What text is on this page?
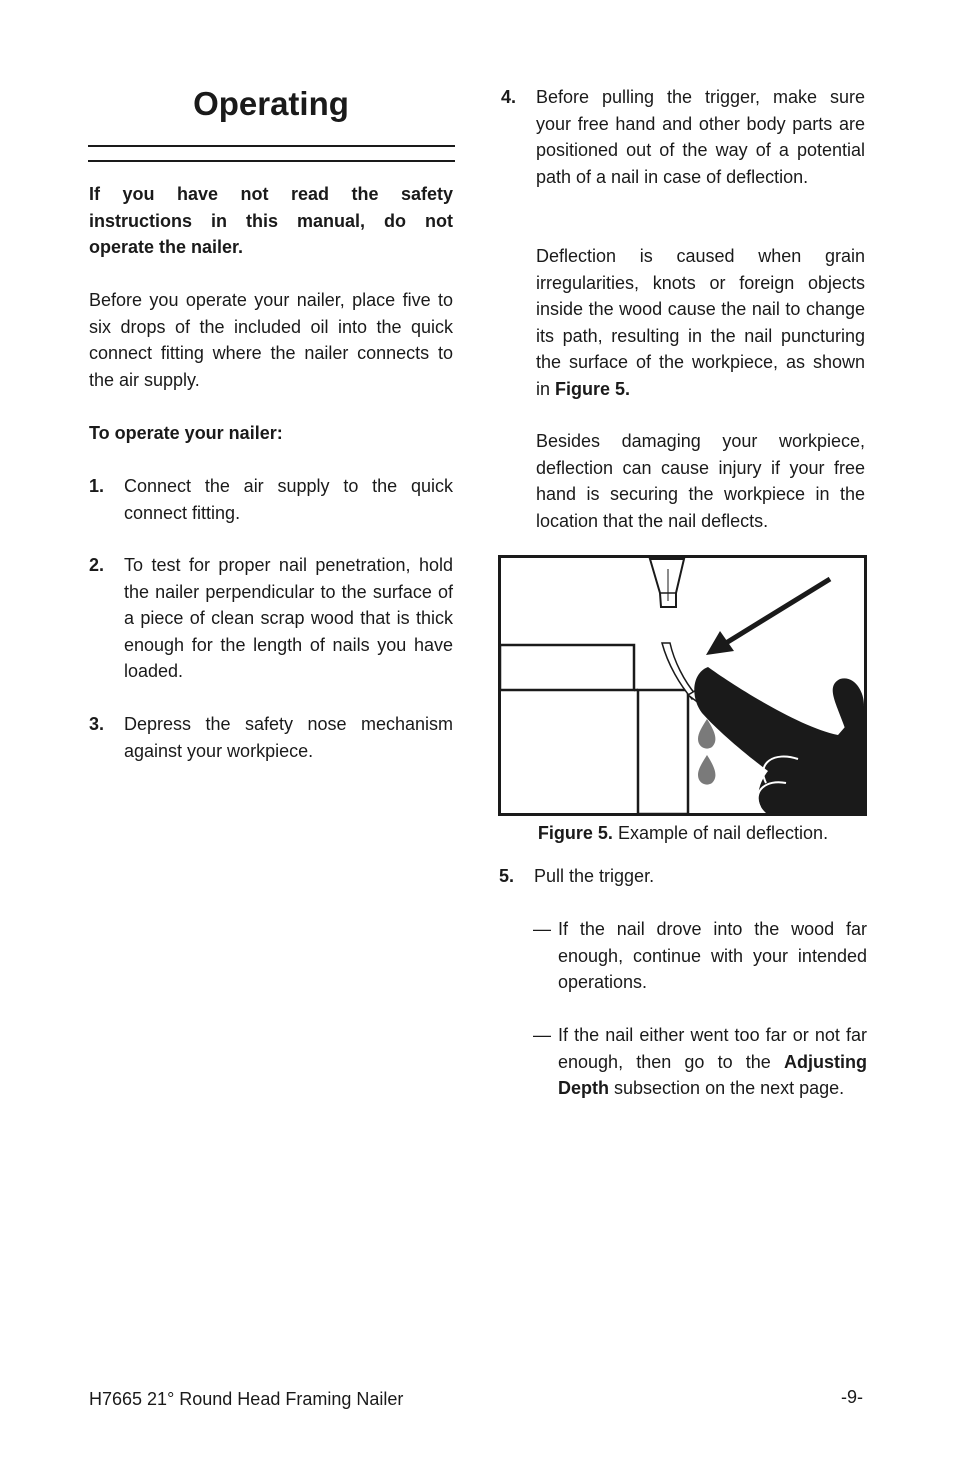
Operating
If you have not read the safety instructions in this manual, do not operate the nailer.
Before you operate your nailer, place five to six drops of the included oil into the quick connect fitting where the nailer connects to the air supply.
To operate your nailer:
1. Connect the air supply to the quick connect fitting.
2. To test for proper nail penetration, hold the nailer perpendicular to the surface of a piece of clean scrap wood that is thick enough for the length of nails you have loaded.
3. Depress the safety nose mechanism against your workpiece.
4. Before pulling the trigger, make sure your free hand and other body parts are positioned out of the way of a potential path of a nail in case of deflection.
Deflection is caused when grain irregularities, knots or foreign objects inside the wood cause the nail to change its path, resulting in the nail puncturing the surface of the workpiece, as shown in Figure 5.
Besides damaging your workpiece, deflection can cause injury if your free hand is securing the workpiece in the location that the nail deflects.
Figure 5. Example of nail deflection.
5. Pull the trigger.
— If the nail drove into the wood far enough, continue with your intended operations.
— If the nail either went too far or not far enough, then go to the Adjusting Depth subsection on the next page.
H7665 21° Round Head Framing Nailer	-9-
